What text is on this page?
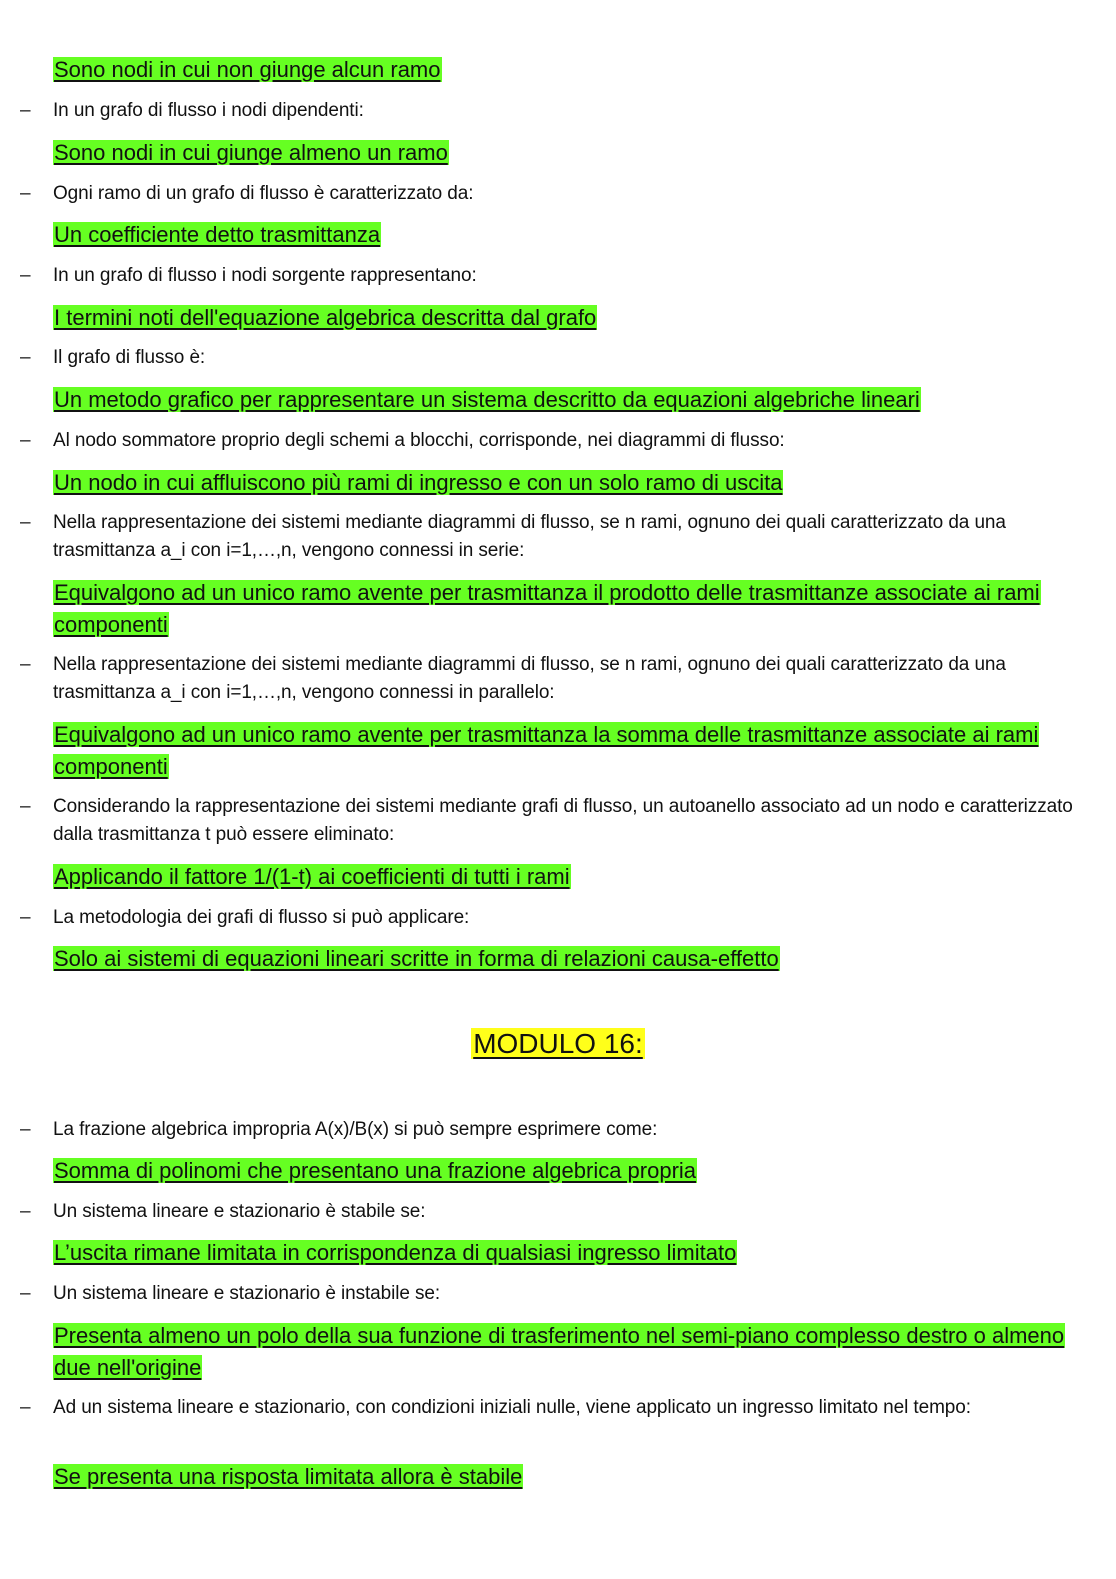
Sono nodi in cui non giunge alcun ramo
– In un grafo di flusso i nodi dipendenti:
Sono nodi in cui giunge almeno un ramo
– Ogni ramo di un grafo di flusso è caratterizzato da:
Un coefficiente detto trasmittanza
– In un grafo di flusso i nodi sorgente rappresentano:
I termini noti dell'equazione algebrica descritta dal grafo
– Il grafo di flusso è:
Un metodo grafico per rappresentare un sistema descritto da equazioni algebriche lineari
– Al nodo sommatore proprio degli schemi a blocchi, corrisponde, nei diagrammi di flusso:
Un nodo in cui affluiscono più rami di ingresso e con un solo ramo di uscita
– Nella rappresentazione dei sistemi mediante diagrammi di flusso, se n rami, ognuno dei quali caratterizzato da una trasmittanza a_i con i=1,…,n, vengono connessi in serie:
Equivalgono ad un unico ramo avente per trasmittanza il prodotto delle trasmittanze associate ai rami componenti
– Nella rappresentazione dei sistemi mediante diagrammi di flusso, se n rami, ognuno dei quali caratterizzato da una trasmittanza a_i con i=1,…,n, vengono connessi in parallelo:
Equivalgono ad un unico ramo avente per trasmittanza la somma delle trasmittanze associate ai rami componenti
– Considerando la rappresentazione dei sistemi mediante grafi di flusso, un autoanello associato ad un nodo e caratterizzato dalla trasmittanza t può essere eliminato:
Applicando il fattore 1/(1-t) ai coefficienti di tutti i rami
– La metodologia dei grafi di flusso si può applicare:
Solo ai sistemi di equazioni lineari scritte in forma di relazioni causa-effetto
MODULO 16:
– La frazione algebrica impropria A(x)/B(x) si può sempre esprimere come:
Somma di polinomi che presentano una frazione algebrica propria
– Un sistema lineare e stazionario è stabile se:
L’uscita rimane limitata in corrispondenza di qualsiasi ingresso limitato
– Un sistema lineare e stazionario è instabile se:
Presenta almeno un polo della sua funzione di trasferimento nel semi-piano complesso destro o almeno due nell'origine
– Ad un sistema lineare e stazionario, con condizioni iniziali nulle, viene applicato un ingresso limitato nel tempo:
Se presenta una risposta limitata allora è stabile
